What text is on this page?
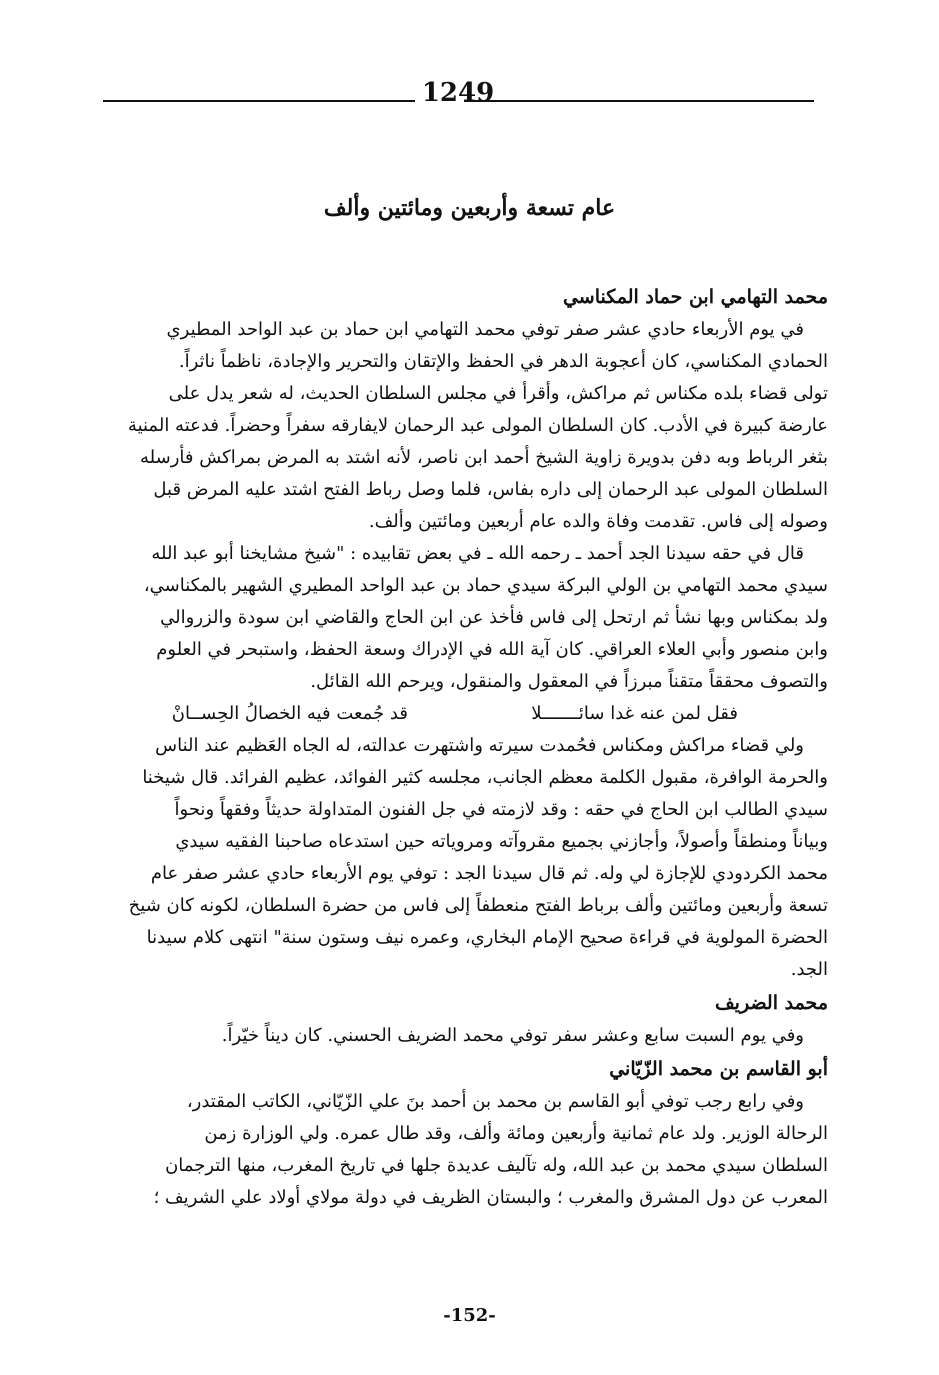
1249
عام تسعة وأربعين ومائتين وألف
محمد التهامي ابن حماد المكناسي
في يوم الأربعاء حادي عشر صفر توفي محمد التهامي ابن حماد بن عبد الواحد المطيري
الحمادي المكناسي، كان أعجوبة الدهر في الحفظ والإتقان والتحرير والإجادة، ناظماً ناثراً.
تولى قضاء بلده مكناس ثم مراكش، وأقرأ في مجلس السلطان الحديث، له شعر يدل على
عارضة كبيرة في الأدب. كان السلطان المولى عبد الرحمان لايفارقه سفراً وحضراً. فدعته المنية
بثغر الرباط وبه دفن بدويرة زاوية الشيخ أحمد ابن ناصر، لأنه اشتد به المرض بمراكش فأرسله
السلطان المولى عبد الرحمان إلى داره بفاس، فلما وصل رباط الفتح اشتد عليه المرض قبل
وصوله إلى فاس. تقدمت وفاة والده عام أربعين ومائتين وألف.
قال في حقه سيدنا الجد أحمد ـ رحمه الله ـ في بعض تقابيده : "شيخ مشايخنا أبو عبد الله
سيدي محمد التهامي بن الولي البركة سيدي حماد بن عبد الواحد المطيري الشهير بالمكناسي،
ولد بمكناس وبها نشأ ثم ارتحل إلى فاس فأخذ عن ابن الحاج والقاضي ابن سودة والزروالي
وابن منصور وأبي العلاء العراقي. كان آية الله في الإدراك وسعة الحفظ، واستبحر في العلوم
والتصوف محققاً متقناً مبرزاً في المعقول والمنقول، ويرحم الله القائل.
فقل لمن عنه غدا سائـــــــلا
قد جُمعت فيه الخصالُ الحِســانْ
ولي قضاء مراكش ومكناس فحُمدت سيرته واشتهرت عدالته، له الجاه العَظيم عند الناس
والحرمة الوافرة، مقبول الكلمة معظم الجانب، مجلسه كثير الفوائد، عظيم الفرائد. قال شيخنا
سيدي الطالب ابن الحاج في حقه : وقد لازمته في جل الفنون المتداولة حديثاً وفقهاً ونحواً
وبياناً ومنطقاً وأصولاً، وأجازني بجميع مقروآته ومروياته حين استدعاه صاحبنا الفقيه سيدي
محمد الكردودي للإجازة لي وله. ثم قال سيدنا الجد : توفي يوم الأربعاء حادي عشر صفر عام
تسعة وأربعين ومائتين وألف برباط الفتح منعطفاً إلى فاس من حضرة السلطان، لكونه كان شيخ
الحضرة المولوية في قراءة صحيح الإمام البخاري، وعمره نيف وستون سنة" انتهى كلام سيدنا
الجد.
محمد الضريف
وفي يوم السبت سابع وعشر سفر توفي محمد الضريف الحسني. كان ديناً خيّراً.
أبو القاسم بن محمد الزّيّاني
وفي رابع رجب توفي أبو القاسم بن محمد بن أحمد بنَ علي الزّيّاني، الكاتب المقتدر،
الرحالة الوزير. ولد عام ثمانية وأربعين ومائة وألف، وقد طال عمره. ولي الوزارة زمن
السلطان سيدي محمد بن عبد الله، وله تآليف عديدة جلها في تاريخ المغرب، منها الترجمان
المعرب عن دول المشرق والمغرب ؛ والبستان الظريف في دولة مولاي أولاد علي الشريف ؛
-152-
